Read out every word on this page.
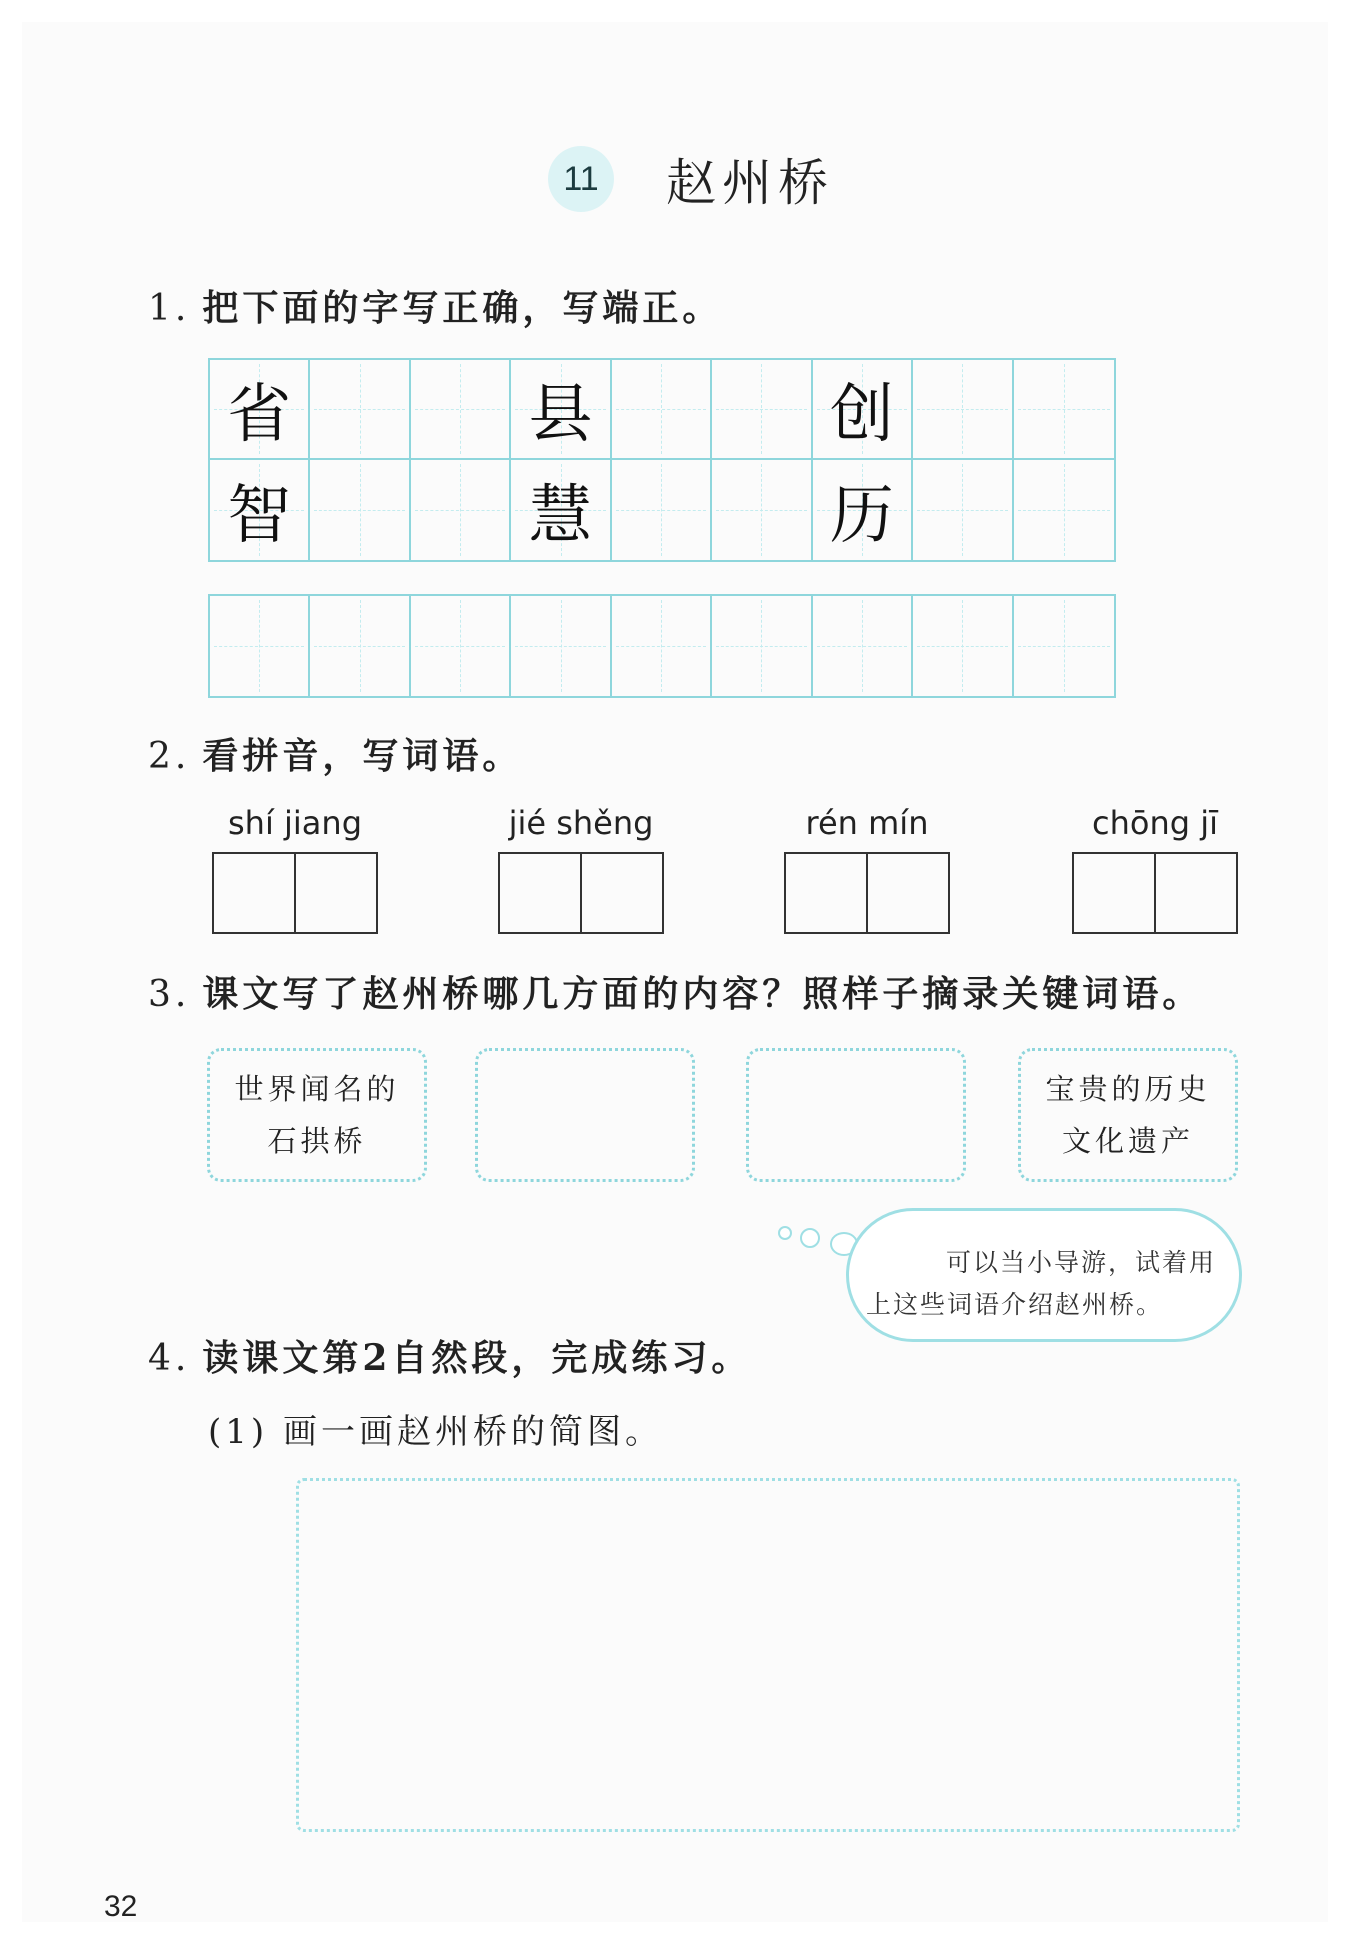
11	赵州桥
1. 把下面的字写正确，写端正。
省	县	创
智	慧	历
2. 看拼音，写词语。
shí jiang	jié shěng	rén mín	chōng jī
3. 课文写了赵州桥哪几方面的内容？照样子摘录关键词语。
世界闻名的
石拱桥
宝贵的历史
文化遗产
可以当小导游，试着用
上这些词语介绍赵州桥。
4. 读课文第2自然段，完成练习。
(1) 画一画赵州桥的简图。
32
